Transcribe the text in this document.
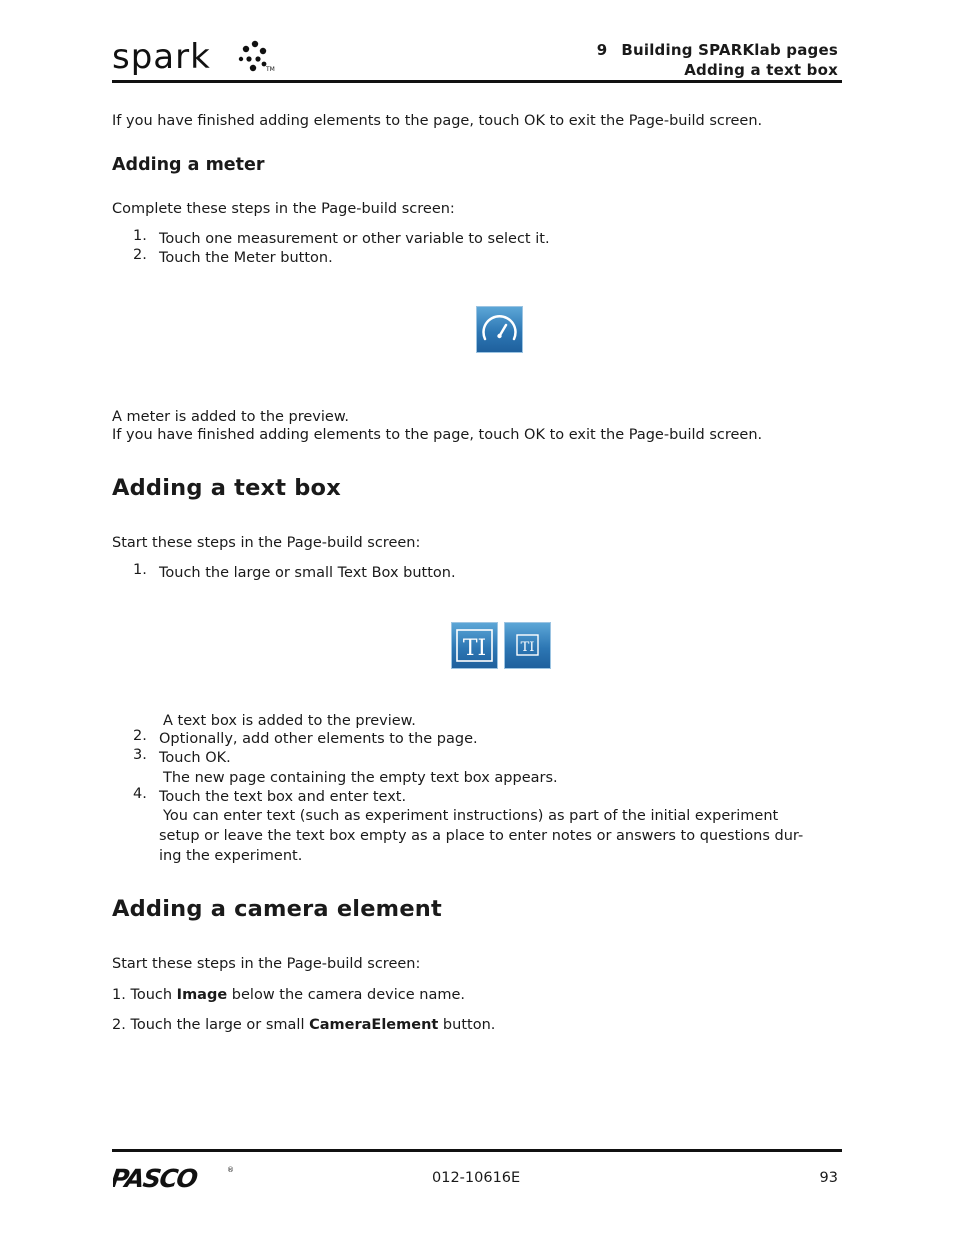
spark	TM
9 Building SPARKlab pages
Adding a text box
If you have finished adding elements to the page, touch OK to exit the Page-build screen.
Adding a meter
Complete these steps in the Page-build screen:
1. Touch one measurement or other variable to select it.
2. Touch the Meter button.
A meter is added to the preview.
If you have finished adding elements to the page, touch OK to exit the Page-build screen.
Adding a text box
Start these steps in the Page-build screen:
1. Touch the large or small Text Box button.
TI	TI
A text box is added to the preview.
2. Optionally, add other elements to the page.
3. Touch OK.
The new page containing the empty text box appears.
4. Touch the text box and enter text.
You can enter text (such as experiment instructions) as part of the initial experiment
setup or leave the text box empty as a place to enter notes or answers to questions dur-
ing the experiment.
Adding a camera element
Start these steps in the Page-build screen:
1. Touch Image below the camera device name.
2. Touch the large or small CameraElement button.
PASCO	®	012-10616E	93
